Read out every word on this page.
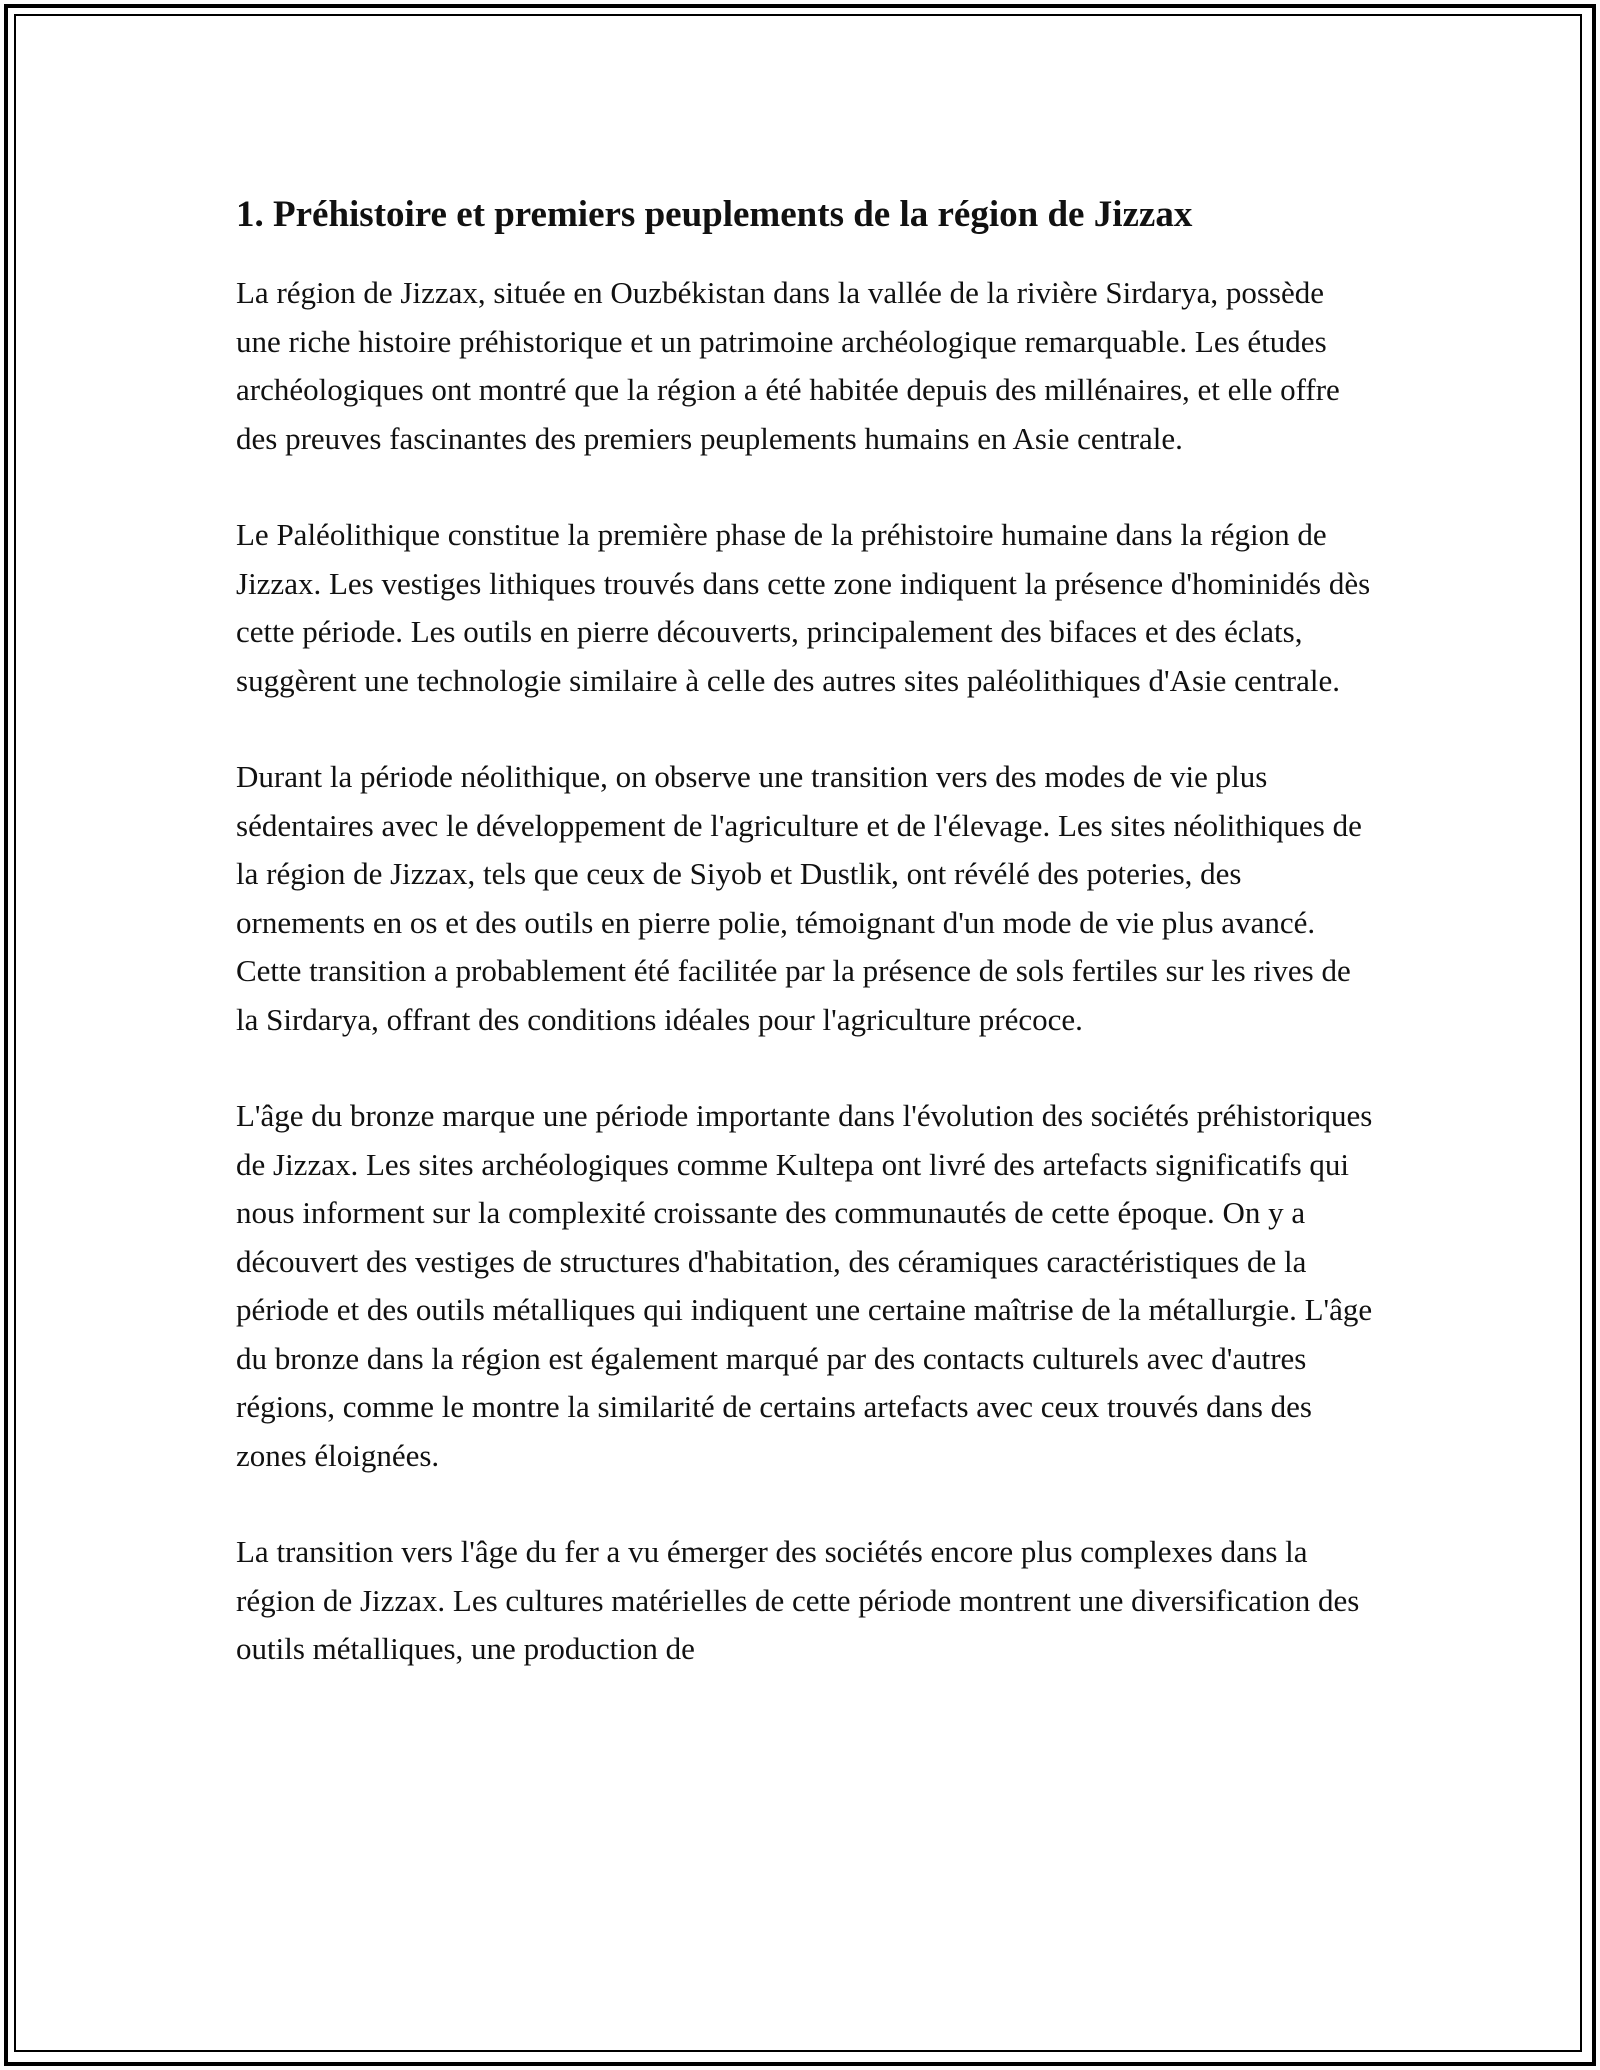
1. Préhistoire et premiers peuplements de la région de Jizzax

La région de Jizzax, située en Ouzbékistan dans la vallée de la rivière Sirdarya, possède une riche histoire préhistorique et un patrimoine archéologique remarquable. Les études archéologiques ont montré que la région a été habitée depuis des millénaires, et elle offre des preuves fascinantes des premiers peuplements humains en Asie centrale.

Le Paléolithique constitue la première phase de la préhistoire humaine dans la région de Jizzax. Les vestiges lithiques trouvés dans cette zone indiquent la présence d'hominidés dès cette période. Les outils en pierre découverts, principalement des bifaces et des éclats, suggèrent une technologie similaire à celle des autres sites paléolithiques d'Asie centrale.

Durant la période néolithique, on observe une transition vers des modes de vie plus sédentaires avec le développement de l'agriculture et de l'élevage. Les sites néolithiques de la région de Jizzax, tels que ceux de Siyob et Dustlik, ont révélé des poteries, des ornements en os et des outils en pierre polie, témoignant d'un mode de vie plus avancé. Cette transition a probablement été facilitée par la présence de sols fertiles sur les rives de la Sirdarya, offrant des conditions idéales pour l'agriculture précoce.

L'âge du bronze marque une période importante dans l'évolution des sociétés préhistoriques de Jizzax. Les sites archéologiques comme Kultepa ont livré des artefacts significatifs qui nous informent sur la complexité croissante des communautés de cette époque. On y a découvert des vestiges de structures d'habitation, des céramiques caractéristiques de la période et des outils métalliques qui indiquent une certaine maîtrise de la métallurgie. L'âge du bronze dans la région est également marqué par des contacts culturels avec d'autres régions, comme le montre la similarité de certains artefacts avec ceux trouvés dans des zones éloignées.

La transition vers l'âge du fer a vu émerger des sociétés encore plus complexes dans la région de Jizzax. Les cultures matérielles de cette période montrent une diversification des outils métalliques, une production de
